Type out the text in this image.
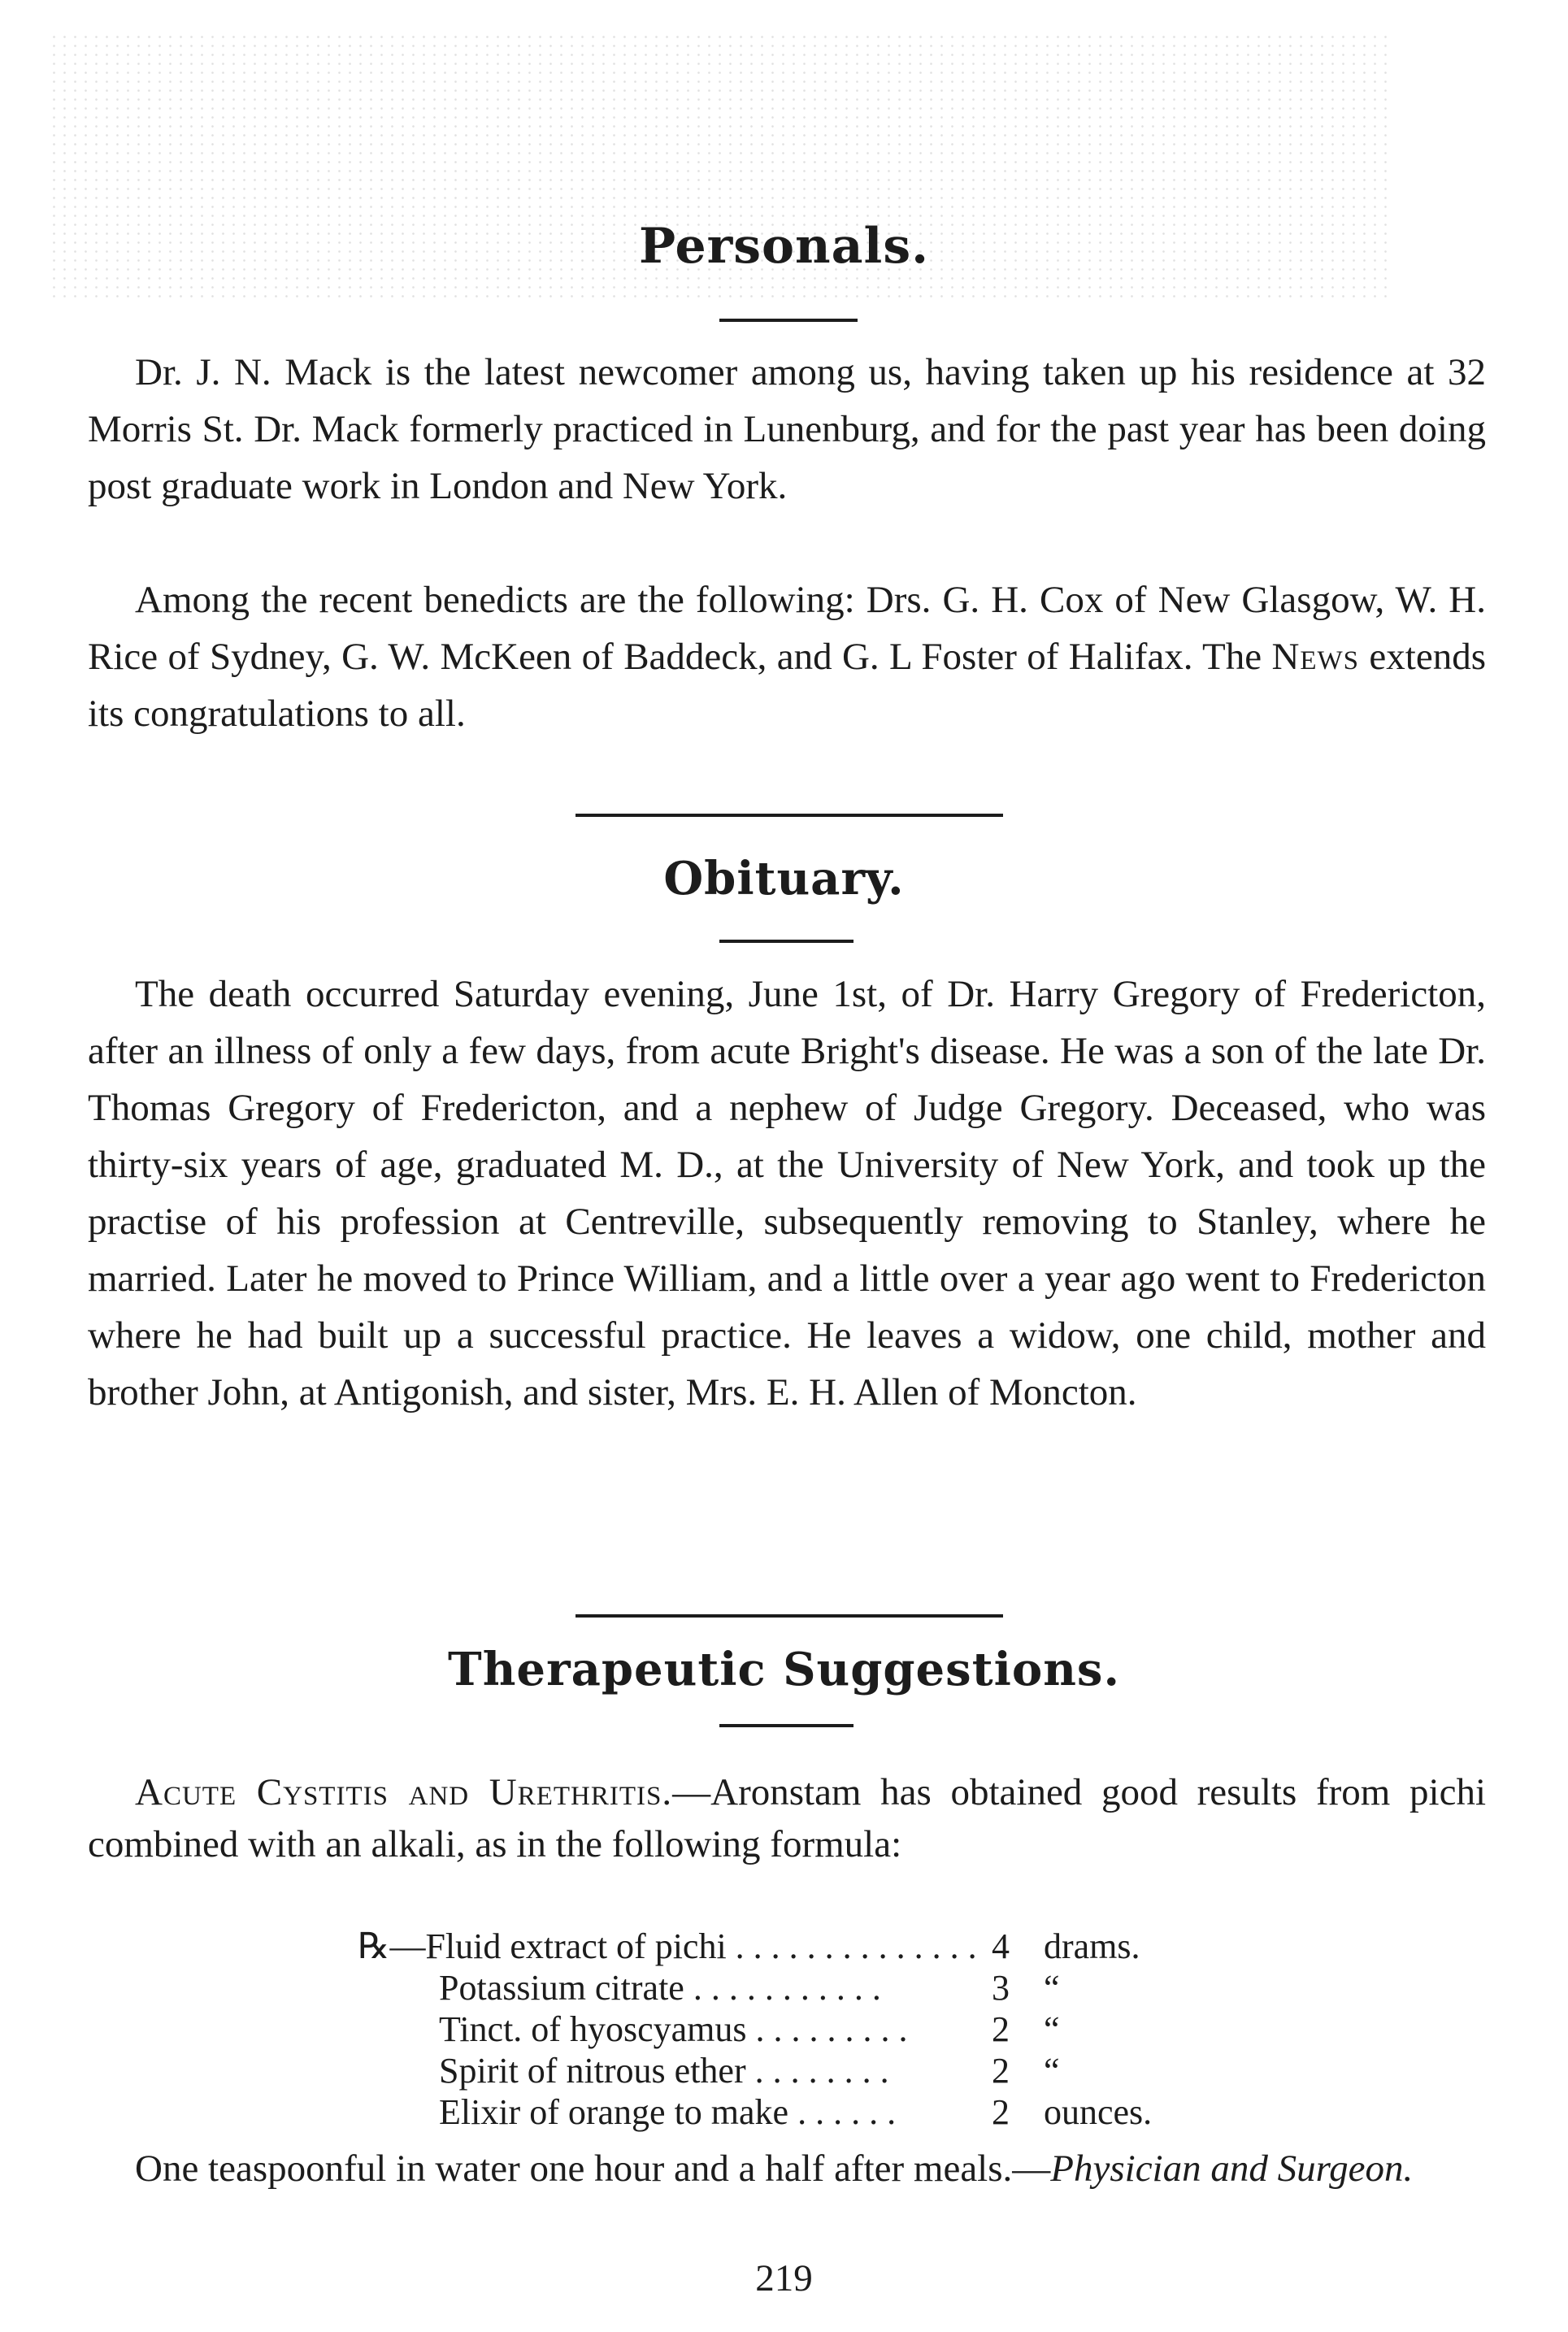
Personals.

Dr. J. N. Mack is the latest newcomer among us, having taken up his residence at 32 Morris St. Dr. Mack formerly practiced in Lunenburg, and for the past year has been doing post graduate work in London and New York.

Among the recent benedicts are the following: Drs. G. H. Cox of New Glasgow, W. H. Rice of Sydney, G. W. McKeen of Baddeck, and G. L Foster of Halifax. The News extends its congratulations to all.

Obituary.

The death occurred Saturday evening, June 1st, of Dr. Harry Gregory of Fredericton, after an illness of only a few days, from acute Bright's disease. He was a son of the late Dr. Thomas Gregory of Fredericton, and a nephew of Judge Gregory. Deceased, who was thirty-six years of age, graduated M. D., at the University of New York, and took up the practise of his profession at Centreville, subsequently removing to Stanley, where he married. Later he moved to Prince William, and a little over a year ago went to Fredericton where he had built up a successful practice. He leaves a widow, one child, mother and brother John, at Antigonish, and sister, Mrs. E. H. Allen of Moncton.

Therapeutic Suggestions.

Acute Cystitis and Urethritis.—Aronstam has obtained good results from pichi combined with an alkali, as in the following formula:

℞—Fluid extract of pichi . . . . . . . . . . . . . . 4 drams.
Potassium citrate . . . . . . . . . . .	3 “
Tinct. of hyoscyamus . . . . . . . . .	2 “
Spirit of nitrous ether . . . . . . . .	2 “
Elixir of orange to make . . . . . .	2 ounces.

One teaspoonful in water one hour and a half after meals.—Physician and Surgeon.

219
